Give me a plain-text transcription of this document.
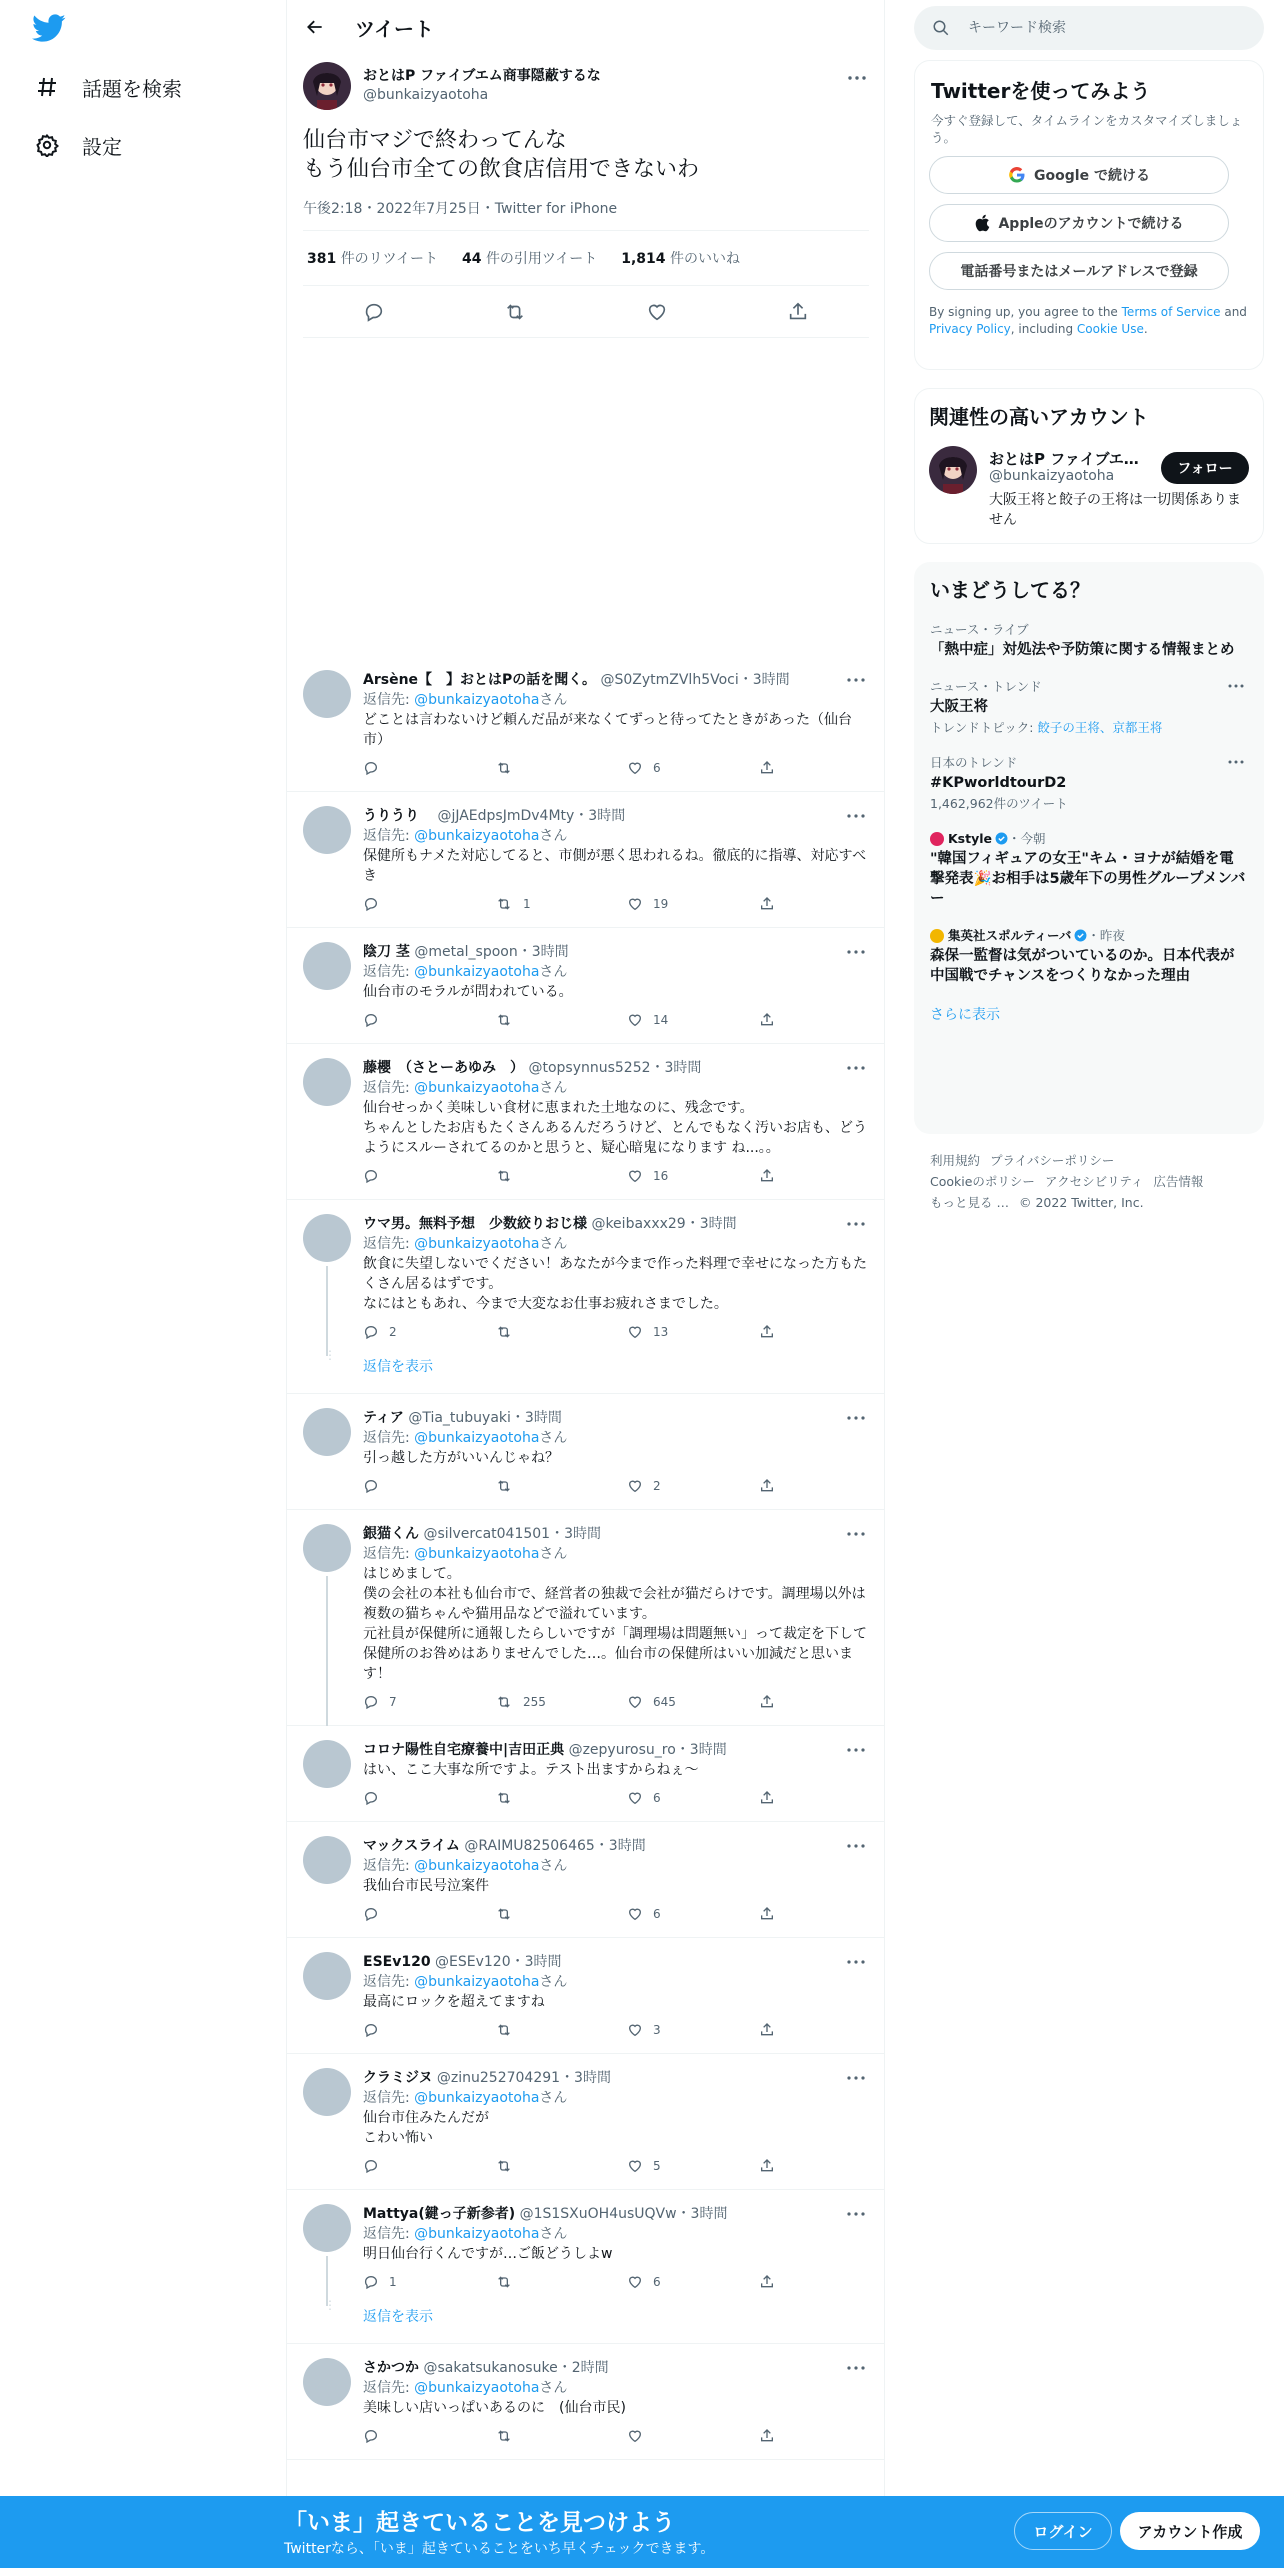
話題を検索
設定
ツイート
おとはP ファイブエム商事隠蔽するな
@bunkaizyaotoha
仙台市マジで終わってんな
もう仙台市全ての飲食店信用できないわ
午後2:18・2022年7月25日・Twitter for iPhone
381 件のリツイート 44 件の引用ツイート 1,814 件のいいね
Arsène【　】おとはPの話を聞く。 @S0ZytmZVlh5Voci・3時間
返信先: @bunkaizyaotohaさん
どことは言わないけど頼んだ品が来なくてずっと待ってたときがあった（仙台市）
6
うりうり　 @jJAEdpsJmDv4Mty・3時間
返信先: @bunkaizyaotohaさん
保健所もナメた対応してると、市側が悪く思われるね。徹底的に指導、対応すべき
1	19
陰刀 茎 @metal_spoon・3時間
返信先: @bunkaizyaotohaさん
仙台市のモラルが問われている。
14
藤櫻　（さとーあゆみ　） @topsynnus5252・3時間
返信先: @bunkaizyaotohaさん
仙台せっかく美味しい食材に恵まれた土地なのに、残念です。
ちゃんとしたお店もたくさんあるんだろうけど、とんでもなく汚いお店も、どうようにスルーされてるのかと思うと、疑心暗鬼になります ね...。。
16
ウマ男。無料予想　少数絞りおじ様 @keibaxxx29・3時間
返信先: @bunkaizyaotohaさん
飲食に失望しないでください！あなたが今まで作った料理で幸せになった方もたくさん居るはずです。
なにはともあれ、今まで大変なお仕事お疲れさまでした。
2	13
⋮
返信を表示
ティア @Tia_tubuyaki・3時間
返信先: @bunkaizyaotohaさん
引っ越した方がいいんじゃね？
2
銀猫くん @silvercat041501・3時間
返信先: @bunkaizyaotohaさん
はじめまして。
僕の会社の本社も仙台市で、経営者の独裁で会社が猫だらけです。調理場以外は複数の猫ちゃんや猫用品などで溢れています。
元社員が保健所に通報したらしいですが「調理場は問題無い」って裁定を下して保健所のお咎めはありませんでした…。仙台市の保健所はいい加減だと思います！
7	255	645
コロナ陽性自宅療養中|吉田正典 @zepyurosu_ro・3時間
はい、ここ大事な所ですよ。テスト出ますからねぇ〜
6
マックスライム @RAIMU82506465・3時間
返信先: @bunkaizyaotohaさん
我仙台市民号泣案件
6
ESEv120 @ESEv120・3時間
返信先: @bunkaizyaotohaさん
最高にロックを超えてますね
3
クラミジヌ @zinu252704291・3時間
返信先: @bunkaizyaotohaさん
仙台市住みたんだが
こわい怖い
5
Mattya(鍵っ子新参者) @1S1SXuOH4usUQVw・3時間
返信先: @bunkaizyaotohaさん
明日仙台行くんですが…ご飯どうしよw
1	6
⋮
返信を表示
さかつか @sakatsukanosuke・2時間
返信先: @bunkaizyaotohaさん
美味しい店いっぱいあるのに　(仙台市民)
キーワード検索
Twitterを使ってみよう
今すぐ登録して、タイムラインをカスタマイズしましょう。
Google で続ける
Appleのアカウントで続ける
電話番号またはメールアドレスで登録
By signing up, you agree to the Terms of Service and Privacy Policy, including Cookie Use.
関連性の高いアカウント
おとはP ファイブエ…
@bunkaizyaotoha
大阪王将と餃子の王将は一切関係ありません
フォロー
いまどうしてる？
ニュース・ライブ
「熱中症」対処法や予防策に関する情報まとめ
ニュース・トレンド
大阪王将
トレンドトピック: 餃子の王将、京都王将
日本のトレンド
#KPworldtourD2
1,462,962件のツイート
Kstyle ・今朝
"韓国フィギュアの女王"キム・ヨナが結婚を電撃発表🎉お相手は5歳年下の男性グループメンバー
集英社スポルティーバ ・昨夜
森保一監督は気がついているのか。日本代表が中国戦でチャンスをつくりなかった理由
さらに表示
利用規約 プライバシーポリシー
Cookieのポリシー アクセシビリティ 広告情報
もっと見る … © 2022 Twitter, Inc.
「いま」起きていることを見つけよう
Twitterなら、「いま」起きていることをいち早くチェックできます。
ログイン	アカウント作成
